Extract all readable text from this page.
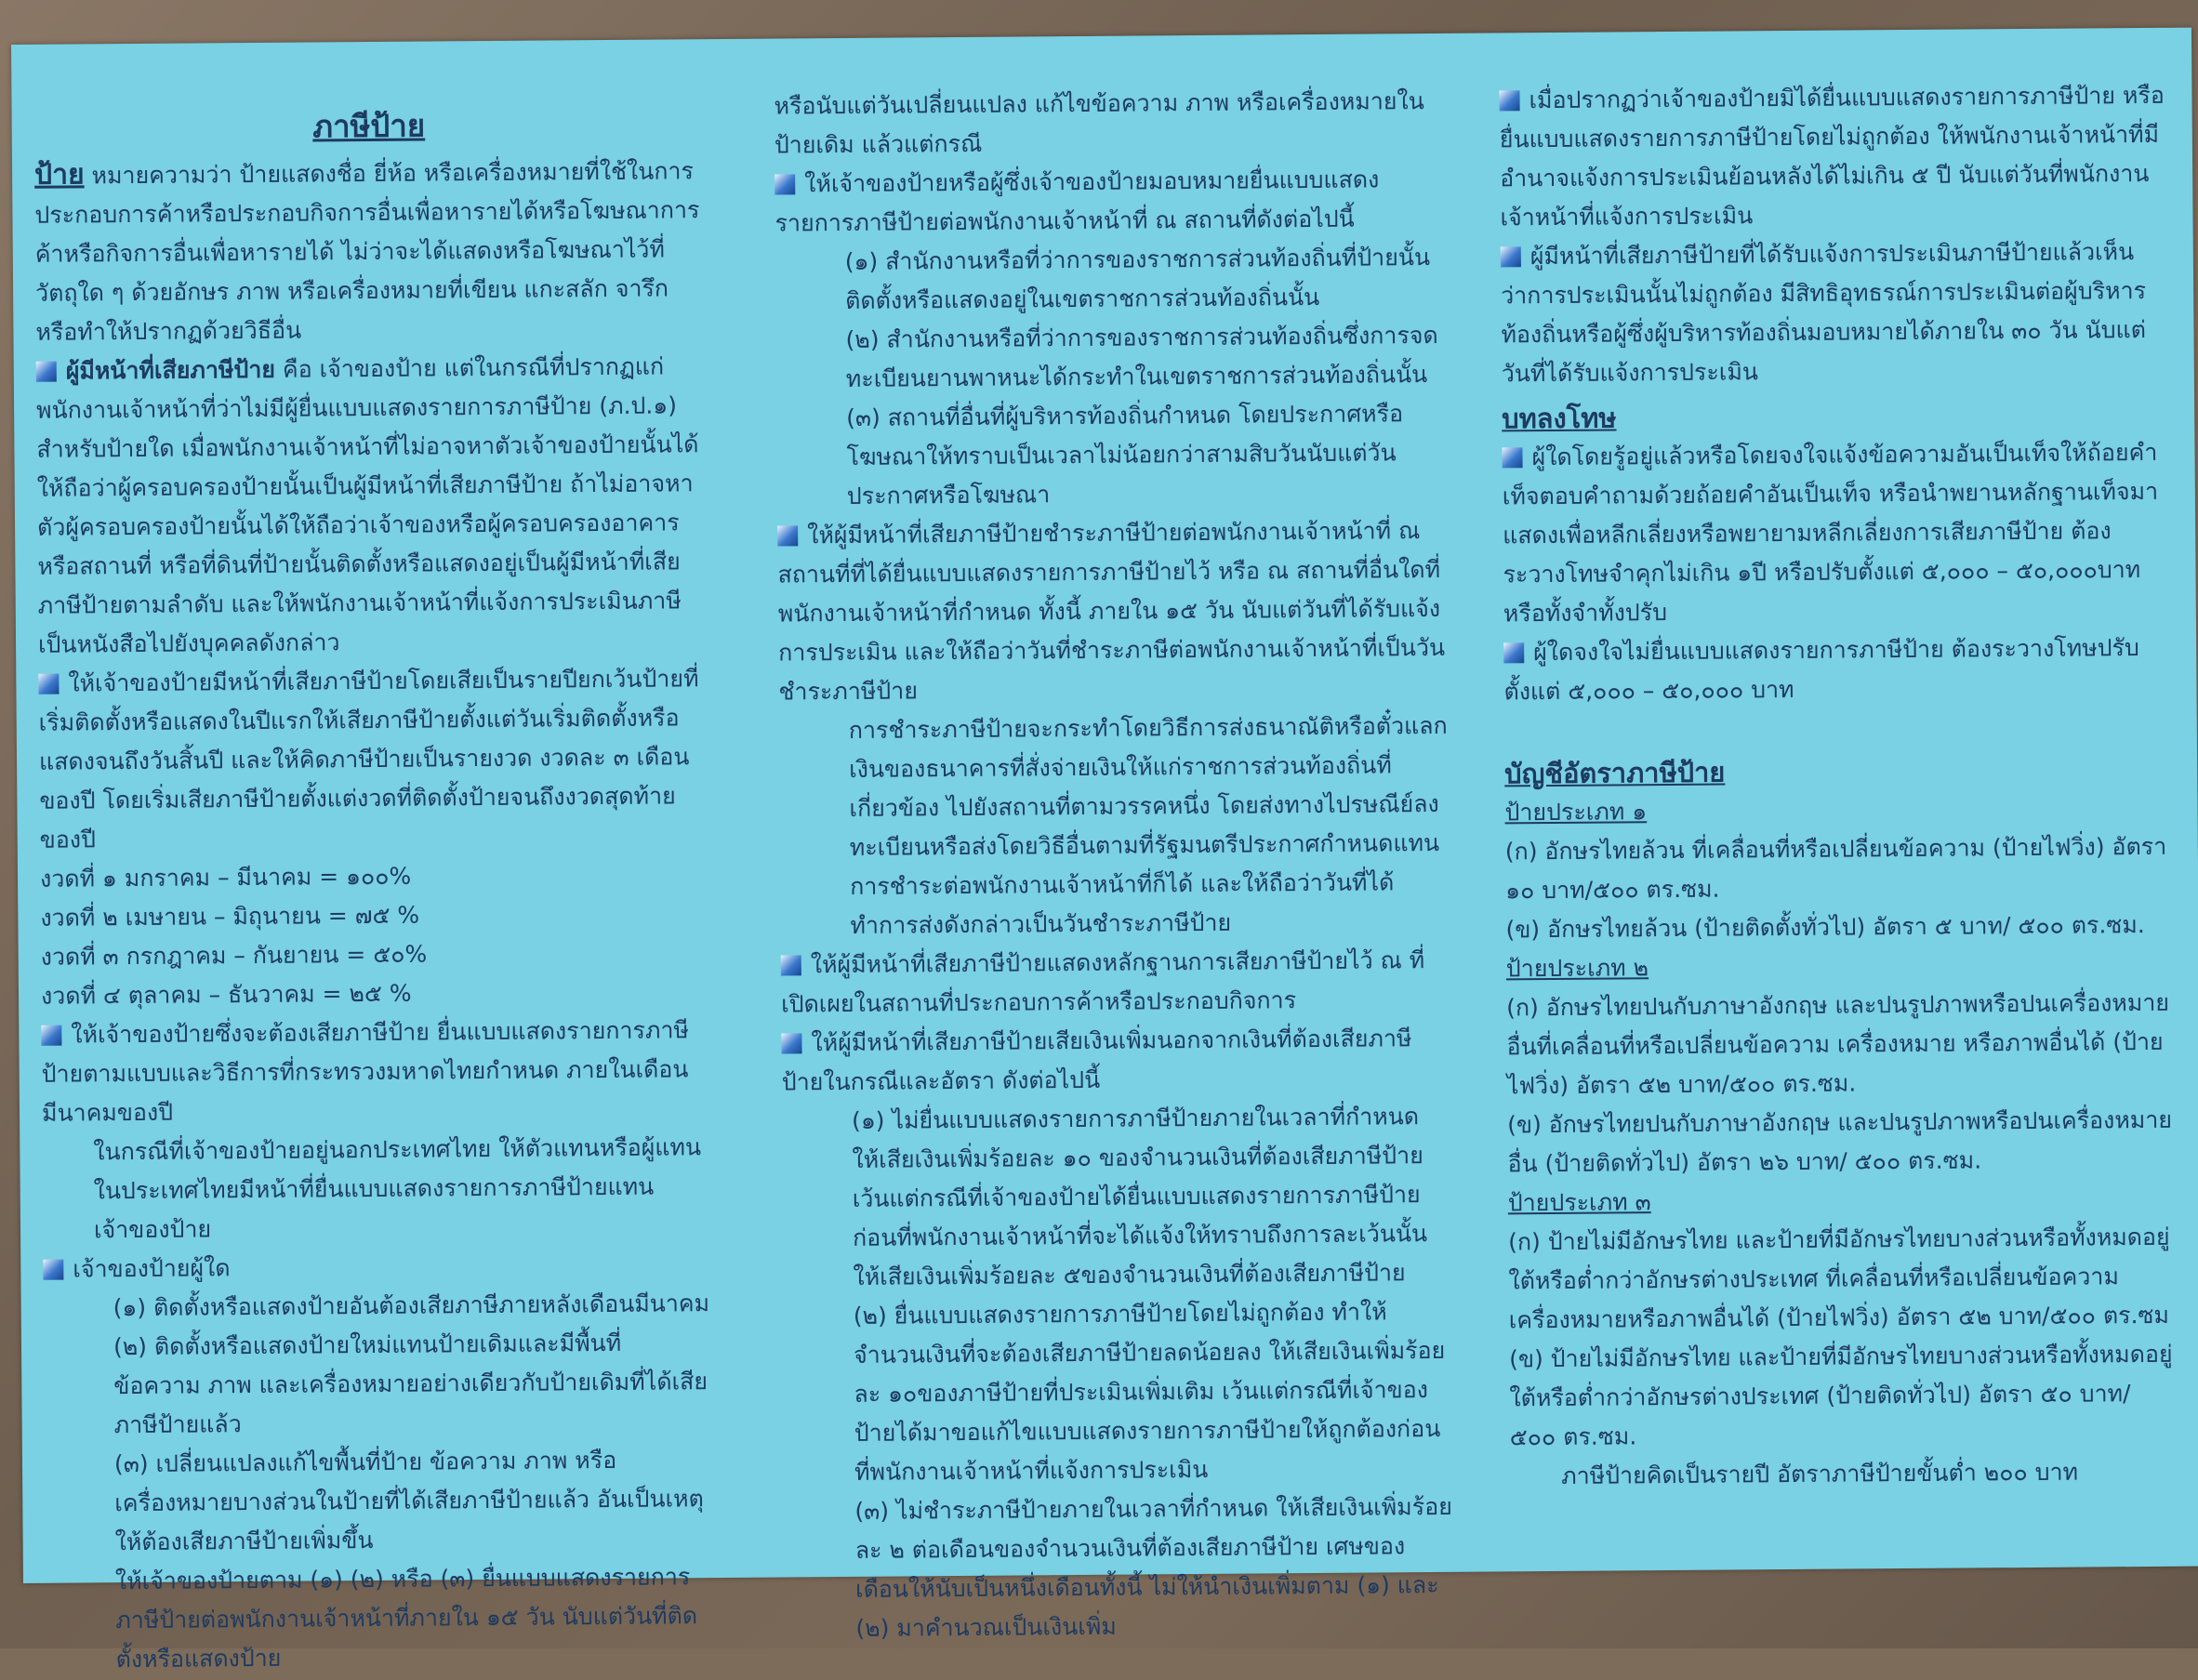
ภาษีป้าย

ป้าย หมายความว่า ป้ายแสดงชื่อ ยี่ห้อ หรือเครื่องหมายที่ใช้ในการประกอบการค้าหรือประกอบกิจการอื่นเพื่อหารายได้หรือโฆษณาการค้าหรือกิจการอื่นเพื่อหารายได้ ไม่ว่าจะได้แสดงหรือโฆษณาไว้ที่วัตถุใด ๆ ด้วยอักษร ภาพ หรือเครื่องหมายที่เขียน แกะสลัก จารึกหรือทำให้ปรากฏด้วยวิธีอื่น

ผู้มีหน้าที่เสียภาษีป้าย คือ เจ้าของป้าย แต่ในกรณีที่ปรากฏแก่พนักงานเจ้าหน้าที่ว่าไม่มีผู้ยื่นแบบแสดงรายการภาษีป้าย (ภ.ป.๑) สำหรับป้ายใด เมื่อพนักงานเจ้าหน้าที่ไม่อาจหาตัวเจ้าของป้ายนั้นได้ ให้ถือว่าผู้ครอบครองป้ายนั้นเป็นผู้มีหน้าที่เสียภาษีป้าย ถ้าไม่อาจหาตัวผู้ครอบครองป้ายนั้นได้ให้ถือว่าเจ้าของหรือผู้ครอบครองอาคาร หรือสถานที่ หรือที่ดินที่ป้ายนั้นติดตั้งหรือแสดงอยู่เป็นผู้มีหน้าที่เสียภาษีป้ายตามลำดับ และให้พนักงานเจ้าหน้าที่แจ้งการประเมินภาษีเป็นหนังสือไปยังบุคคลดังกล่าว

ให้เจ้าของป้ายมีหน้าที่เสียภาษีป้ายโดยเสียเป็นรายปียกเว้นป้ายที่เริ่มติดตั้งหรือแสดงในปีแรกให้เสียภาษีป้ายตั้งแต่วันเริ่มติดตั้งหรือแสดงจนถึงวันสิ้นปี และให้คิดภาษีป้ายเป็นรายงวด งวดละ ๓ เดือนของปี โดยเริ่มเสียภาษีป้ายตั้งแต่งวดที่ติดตั้งป้ายจนถึงงวดสุดท้ายของปี

งวดที่ ๑ มกราคม – มีนาคม = ๑๐๐%

งวดที่ ๒ เมษายน – มิถุนายน = ๗๕ %

งวดที่ ๓ กรกฎาคม – กันยายน = ๕๐%

งวดที่ ๔ ตุลาคม – ธันวาคม = ๒๕ %

ให้เจ้าของป้ายซึ่งจะต้องเสียภาษีป้าย ยื่นแบบแสดงรายการภาษีป้ายตามแบบและวิธีการที่กระทรวงมหาดไทยกำหนด ภายในเดือนมีนาคมของปี

ในกรณีที่เจ้าของป้ายอยู่นอกประเทศไทย ให้ตัวแทนหรือผู้แทนในประเทศไทยมีหน้าที่ยื่นแบบแสดงรายการภาษีป้ายแทนเจ้าของป้าย

เจ้าของป้ายผู้ใด

(๑) ติดตั้งหรือแสดงป้ายอันต้องเสียภาษีภายหลังเดือนมีนาคม

(๒) ติดตั้งหรือแสดงป้ายใหม่แทนป้ายเดิมและมีพื้นที่ ข้อความ ภาพ และเครื่องหมายอย่างเดียวกับป้ายเดิมที่ได้เสียภาษีป้ายแล้ว

(๓) เปลี่ยนแปลงแก้ไขพื้นที่ป้าย ข้อความ ภาพ หรือเครื่องหมายบางส่วนในป้ายที่ได้เสียภาษีป้ายแล้ว อันเป็นเหตุให้ต้องเสียภาษีป้ายเพิ่มขึ้น

ให้เจ้าของป้ายตาม (๑) (๒) หรือ (๓) ยื่นแบบแสดงรายการภาษีป้ายต่อพนักงานเจ้าหน้าที่ภายใน ๑๕ วัน นับแต่วันที่ติดตั้งหรือแสดงป้าย

หรือนับแต่วันเปลี่ยนแปลง แก้ไขข้อความ ภาพ หรือเครื่องหมายในป้ายเดิม แล้วแต่กรณี

ให้เจ้าของป้ายหรือผู้ซึ่งเจ้าของป้ายมอบหมายยื่นแบบแสดงรายการภาษีป้ายต่อพนักงานเจ้าหน้าที่ ณ สถานที่ดังต่อไปนี้

(๑) สำนักงานหรือที่ว่าการของราชการส่วนท้องถิ่นที่ป้ายนั้นติดตั้งหรือแสดงอยู่ในเขตราชการส่วนท้องถิ่นนั้น

(๒) สำนักงานหรือที่ว่าการของราชการส่วนท้องถิ่นซึ่งการจดทะเบียนยานพาหนะได้กระทำในเขตราชการส่วนท้องถิ่นนั้น

(๓) สถานที่อื่นที่ผู้บริหารท้องถิ่นกำหนด โดยประกาศหรือโฆษณาให้ทราบเป็นเวลาไม่น้อยกว่าสามสิบวันนับแต่วันประกาศหรือโฆษณา

ให้ผู้มีหน้าที่เสียภาษีป้ายชำระภาษีป้ายต่อพนักงานเจ้าหน้าที่ ณ สถานที่ที่ได้ยื่นแบบแสดงรายการภาษีป้ายไว้ หรือ ณ สถานที่อื่นใดที่พนักงานเจ้าหน้าที่กำหนด ทั้งนี้ ภายใน ๑๕ วัน นับแต่วันที่ได้รับแจ้งการประเมิน และให้ถือว่าวันที่ชำระภาษีต่อพนักงานเจ้าหน้าที่เป็นวันชำระภาษีป้าย

การชำระภาษีป้ายจะกระทำโดยวิธีการส่งธนาณัติหรือตั๋วแลกเงินของธนาคารที่สั่งจ่ายเงินให้แก่ราชการส่วนท้องถิ่นที่เกี่ยวข้อง ไปยังสถานที่ตามวรรคหนึ่ง โดยส่งทางไปรษณีย์ลงทะเบียนหรือส่งโดยวิธีอื่นตามที่รัฐมนตรีประกาศกำหนดแทนการชำระต่อพนักงานเจ้าหน้าที่ก็ได้ และให้ถือว่าวันที่ได้ทำการส่งดังกล่าวเป็นวันชำระภาษีป้าย

ให้ผู้มีหน้าที่เสียภาษีป้ายแสดงหลักฐานการเสียภาษีป้ายไว้ ณ ที่เปิดเผยในสถานที่ประกอบการค้าหรือประกอบกิจการ

ให้ผู้มีหน้าที่เสียภาษีป้ายเสียเงินเพิ่มนอกจากเงินที่ต้องเสียภาษีป้ายในกรณีและอัตรา ดังต่อไปนี้

(๑) ไม่ยื่นแบบแสดงรายการภาษีป้ายภายในเวลาที่กำหนด ให้เสียเงินเพิ่มร้อยละ ๑๐ ของจำนวนเงินที่ต้องเสียภาษีป้าย เว้นแต่กรณีที่เจ้าของป้ายได้ยื่นแบบแสดงรายการภาษีป้ายก่อนที่พนักงานเจ้าหน้าที่จะได้แจ้งให้ทราบถึงการละเว้นนั้นให้เสียเงินเพิ่มร้อยละ ๕ของจำนวนเงินที่ต้องเสียภาษีป้าย

(๒) ยื่นแบบแสดงรายการภาษีป้ายโดยไม่ถูกต้อง ทำให้จำนวนเงินที่จะต้องเสียภาษีป้ายลดน้อยลง ให้เสียเงินเพิ่มร้อยละ ๑๐ของภาษีป้ายที่ประเมินเพิ่มเติม เว้นแต่กรณีที่เจ้าของป้ายได้มาขอแก้ไขแบบแสดงรายการภาษีป้ายให้ถูกต้องก่อนที่พนักงานเจ้าหน้าที่แจ้งการประเมิน

(๓) ไม่ชำระภาษีป้ายภายในเวลาที่กำหนด ให้เสียเงินเพิ่มร้อยละ ๒ ต่อเดือนของจำนวนเงินที่ต้องเสียภาษีป้าย เศษของเดือนให้นับเป็นหนึ่งเดือนทั้งนี้ ไม่ให้นำเงินเพิ่มตาม (๑) และ (๒) มาคำนวณเป็นเงินเพิ่ม

เมื่อปรากฏว่าเจ้าของป้ายมิได้ยื่นแบบแสดงรายการภาษีป้าย หรือยื่นแบบแสดงรายการภาษีป้ายโดยไม่ถูกต้อง ให้พนักงานเจ้าหน้าที่มีอำนาจแจ้งการประเมินย้อนหลังได้ไม่เกิน ๕ ปี นับแต่วันที่พนักงานเจ้าหน้าที่แจ้งการประเมิน

ผู้มีหน้าที่เสียภาษีป้ายที่ได้รับแจ้งการประเมินภาษีป้ายแล้วเห็นว่าการประเมินนั้นไม่ถูกต้อง มีสิทธิอุทธรณ์การประเมินต่อผู้บริหารท้องถิ่นหรือผู้ซึ่งผู้บริหารท้องถิ่นมอบหมายได้ภายใน ๓๐ วัน นับแต่วันที่ได้รับแจ้งการประเมิน

บทลงโทษ

ผู้ใดโดยรู้อยู่แล้วหรือโดยจงใจแจ้งข้อความอันเป็นเท็จให้ถ้อยคำเท็จตอบคำถามด้วยถ้อยคำอันเป็นเท็จ หรือนำพยานหลักฐานเท็จมาแสดงเพื่อหลีกเลี่ยงหรือพยายามหลีกเลี่ยงการเสียภาษีป้าย ต้องระวางโทษจำคุกไม่เกิน ๑ปี หรือปรับตั้งแต่ ๕,๐๐๐ – ๕๐,๐๐๐บาท หรือทั้งจำทั้งปรับ

ผู้ใดจงใจไม่ยื่นแบบแสดงรายการภาษีป้าย ต้องระวางโทษปรับตั้งแต่ ๕,๐๐๐ – ๕๐,๐๐๐ บาท

บัญชีอัตราภาษีป้าย

ป้ายประเภท ๑

(ก) อักษรไทยล้วน ที่เคลื่อนที่หรือเปลี่ยนข้อความ (ป้ายไฟวิ่ง) อัตรา ๑๐ บาท/๕๐๐ ตร.ซม.

(ข) อักษรไทยล้วน (ป้ายติดตั้งทั่วไป) อัตรา ๕ บาท/ ๕๐๐ ตร.ซม.

ป้ายประเภท ๒

(ก) อักษรไทยปนกับภาษาอังกฤษ และปนรูปภาพหรือปนเครื่องหมายอื่นที่เคลื่อนที่หรือเปลี่ยนข้อความ เครื่องหมาย หรือภาพอื่นได้ (ป้ายไฟวิ่ง) อัตรา ๕๒ บาท/๕๐๐ ตร.ซม.

(ข) อักษรไทยปนกับภาษาอังกฤษ และปนรูปภาพหรือปนเครื่องหมายอื่น (ป้ายติดทั่วไป) อัตรา ๒๖ บาท/ ๕๐๐ ตร.ซม.

ป้ายประเภท ๓

(ก) ป้ายไม่มีอักษรไทย และป้ายที่มีอักษรไทยบางส่วนหรือทั้งหมดอยู่ใต้หรือต่ำกว่าอักษรต่างประเทศ ที่เคลื่อนที่หรือเปลี่ยนข้อความ เครื่องหมายหรือภาพอื่นได้ (ป้ายไฟวิ่ง) อัตรา ๕๒ บาท/๕๐๐ ตร.ซม

(ข) ป้ายไม่มีอักษรไทย และป้ายที่มีอักษรไทยบางส่วนหรือทั้งหมดอยู่ใต้หรือต่ำกว่าอักษรต่างประเทศ (ป้ายติดทั่วไป) อัตรา ๕๐ บาท/ ๕๐๐ ตร.ซม.

ภาษีป้ายคิดเป็นรายปี อัตราภาษีป้ายขั้นต่ำ ๒๐๐ บาท
